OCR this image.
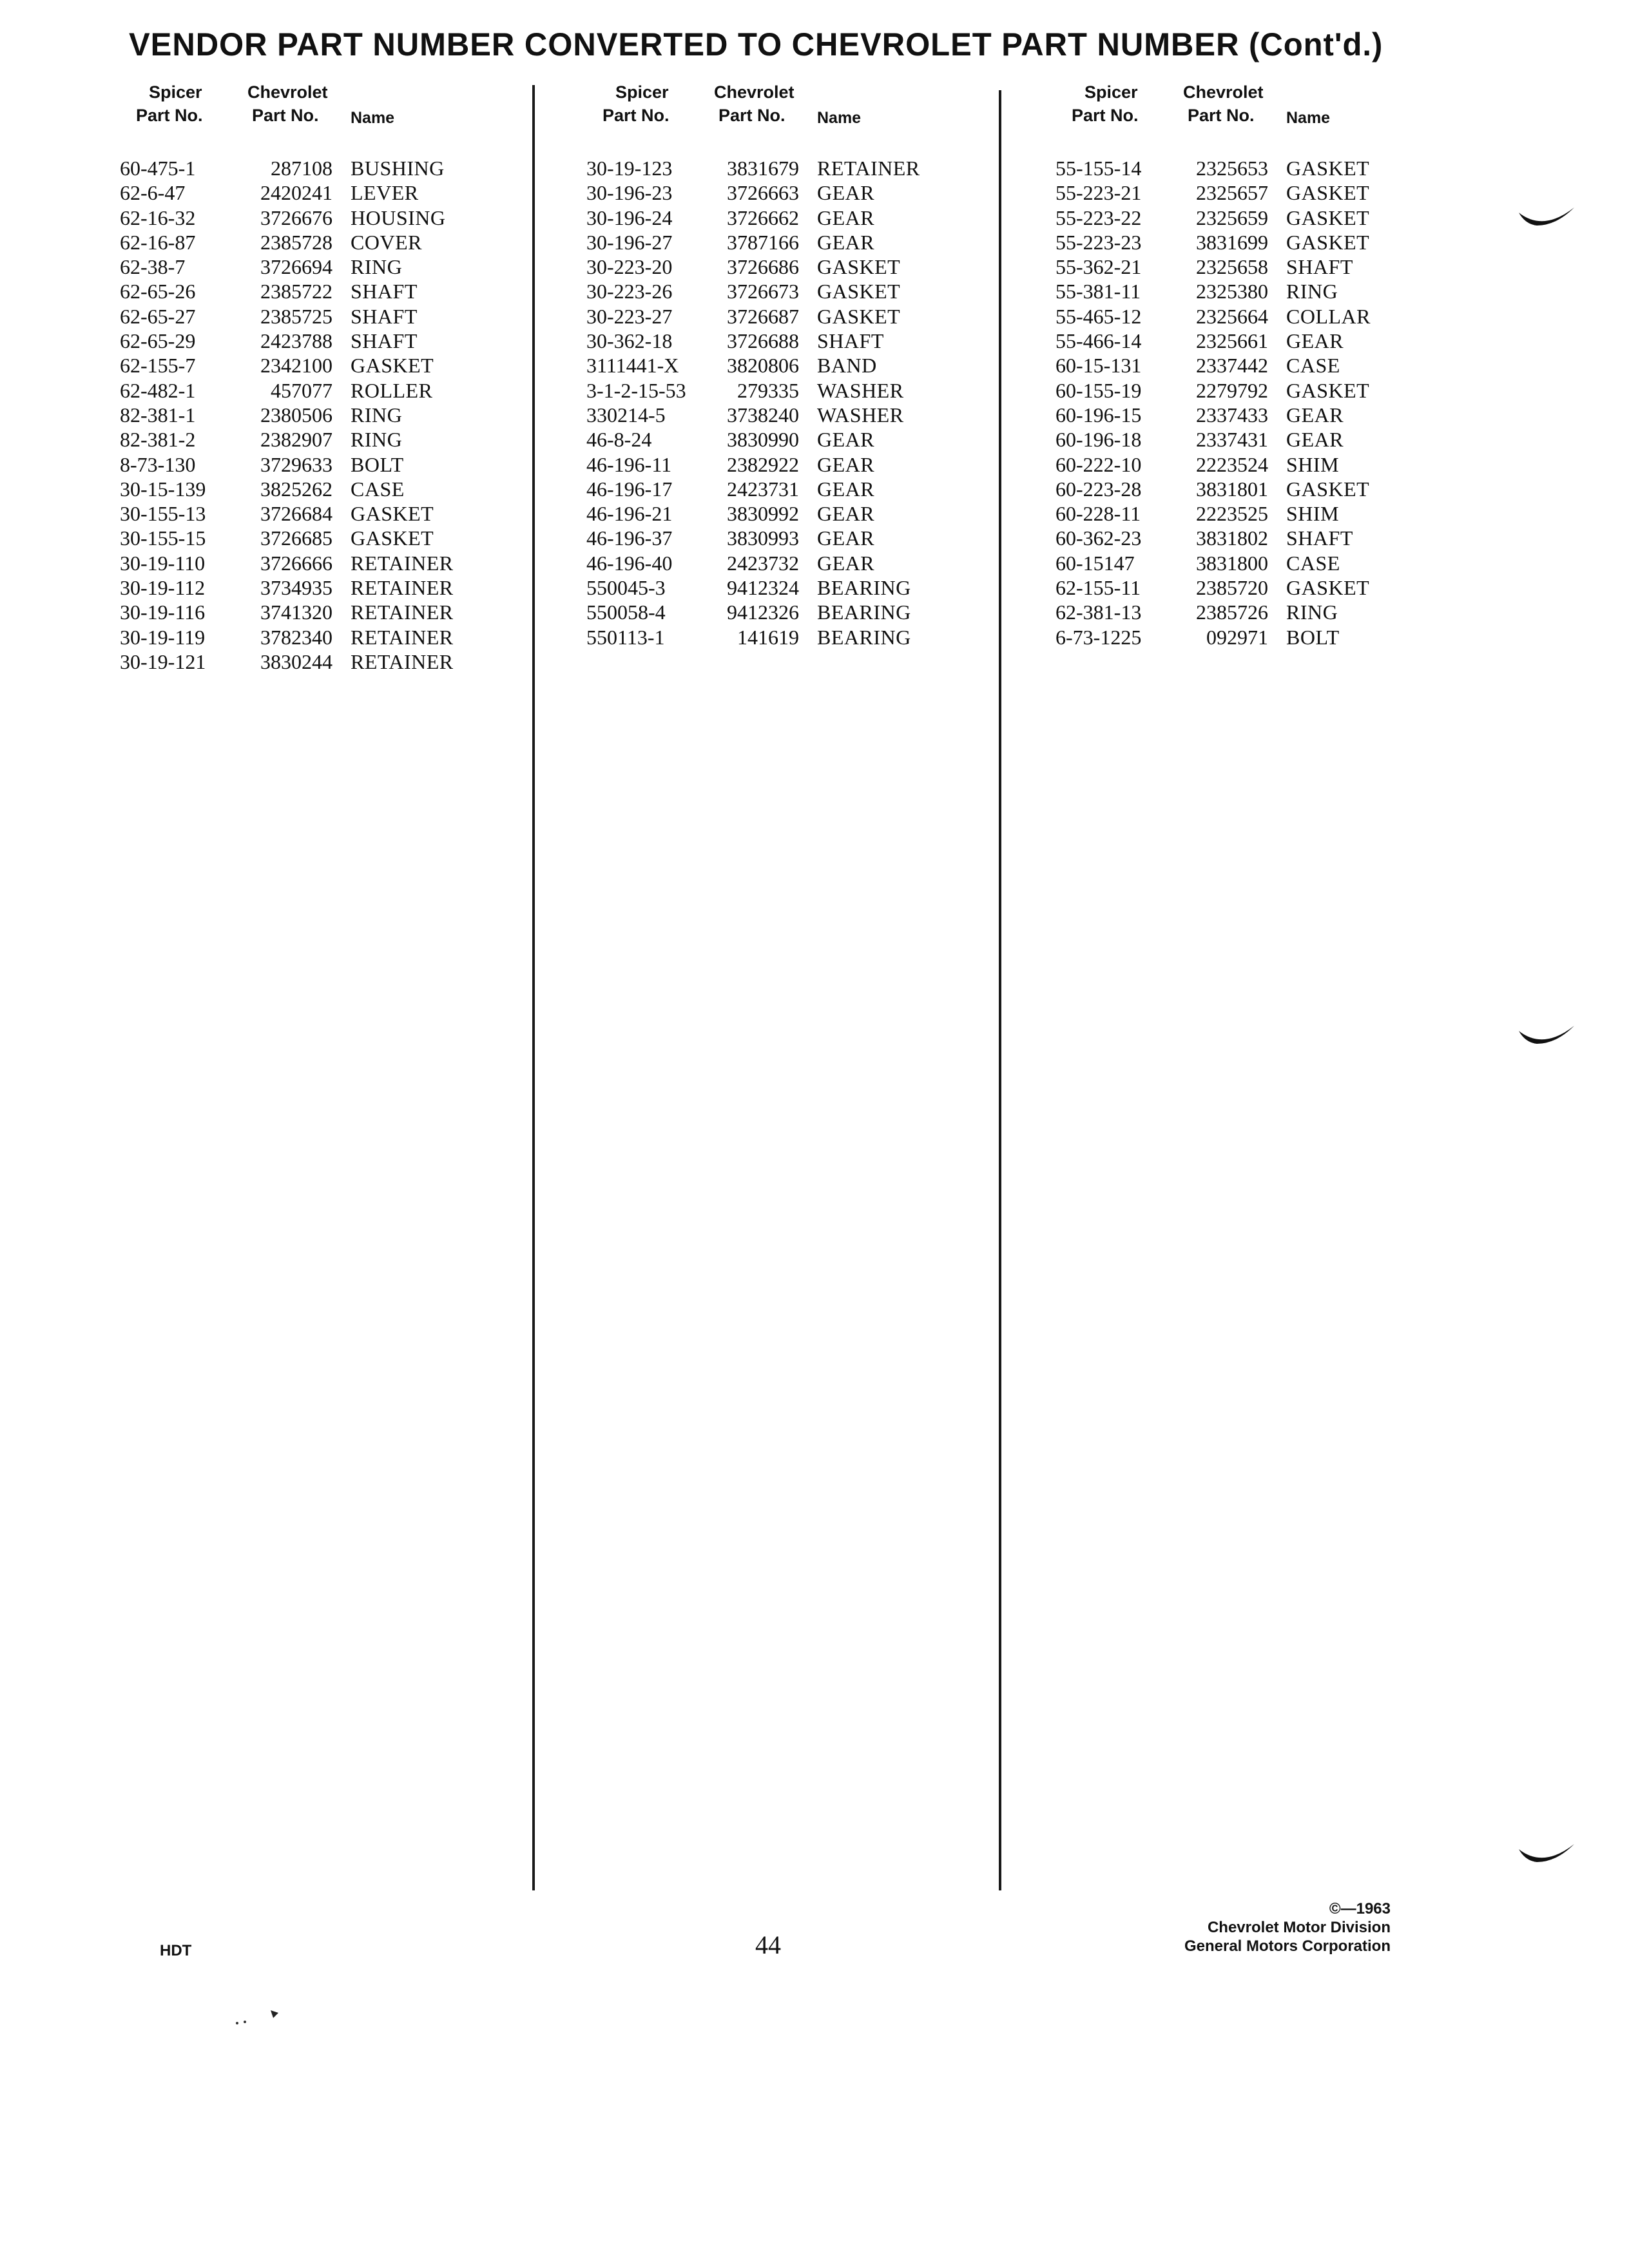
VENDOR PART NUMBER CONVERTED TO CHEVROLET PART NUMBER (Cont'd.)
Spicer
Part No.
Chevrolet
Part No. Name
60-475-1	287108 BUSHING
62-6-47	2420241 LEVER
62-16-32	3726676 HOUSING
62-16-87	2385728 COVER
62-38-7	3726694 RING
62-65-26	2385722 SHAFT
62-65-27	2385725 SHAFT
62-65-29	2423788 SHAFT
62-155-7	2342100 GASKET
62-482-1	457077 ROLLER
82-381-1	2380506 RING
82-381-2	2382907 RING
8-73-130	3729633 BOLT
30-15-139	3825262 CASE
30-155-13	3726684 GASKET
30-155-15	3726685 GASKET
30-19-110	3726666 RETAINER
30-19-112	3734935 RETAINER
30-19-116	3741320 RETAINER
30-19-119	3782340 RETAINER
30-19-121	3830244 RETAINER
Spicer
Part No.
Chevrolet
Part No. Name
30-19-123	3831679 RETAINER
30-196-23	3726663 GEAR
30-196-24	3726662 GEAR
30-196-27	3787166 GEAR
30-223-20	3726686 GASKET
30-223-26	3726673 GASKET
30-223-27	3726687 GASKET
30-362-18	3726688 SHAFT
3111441-X 3820806 BAND
3-1-2-15-53 279335 WASHER
330214-5	3738240 WASHER
46-8-24	3830990 GEAR
46-196-11	2382922 GEAR
46-196-17	2423731 GEAR
46-196-21	3830992 GEAR
46-196-37	3830993 GEAR
46-196-40	2423732 GEAR
550045-3	9412324 BEARING
550058-4	9412326 BEARING
550113-1	141619 BEARING
Spicer
Part No.
Chevrolet
Part No. Name
55-155-14	2325653 GASKET
55-223-21	2325657 GASKET
55-223-22	2325659 GASKET
55-223-23	3831699 GASKET
55-362-21	2325658 SHAFT
55-381-11	2325380 RING
55-465-12	2325664 COLLAR
55-466-14	2325661 GEAR
60-15-131	2337442 CASE
60-155-19	2279792 GASKET
60-196-15	2337433 GEAR
60-196-18	2337431 GEAR
60-222-10	2223524 SHIM
60-223-28	3831801 GASKET
60-228-11	2223525 SHIM
60-362-23	3831802 SHAFT
60-15147	3831800 CASE
62-155-11	2385720 GASKET
62-381-13	2385726 RING
6-73-1225	092971 BOLT
HDT	44
©—1963
Chevrolet Motor Division
General Motors Corporation
